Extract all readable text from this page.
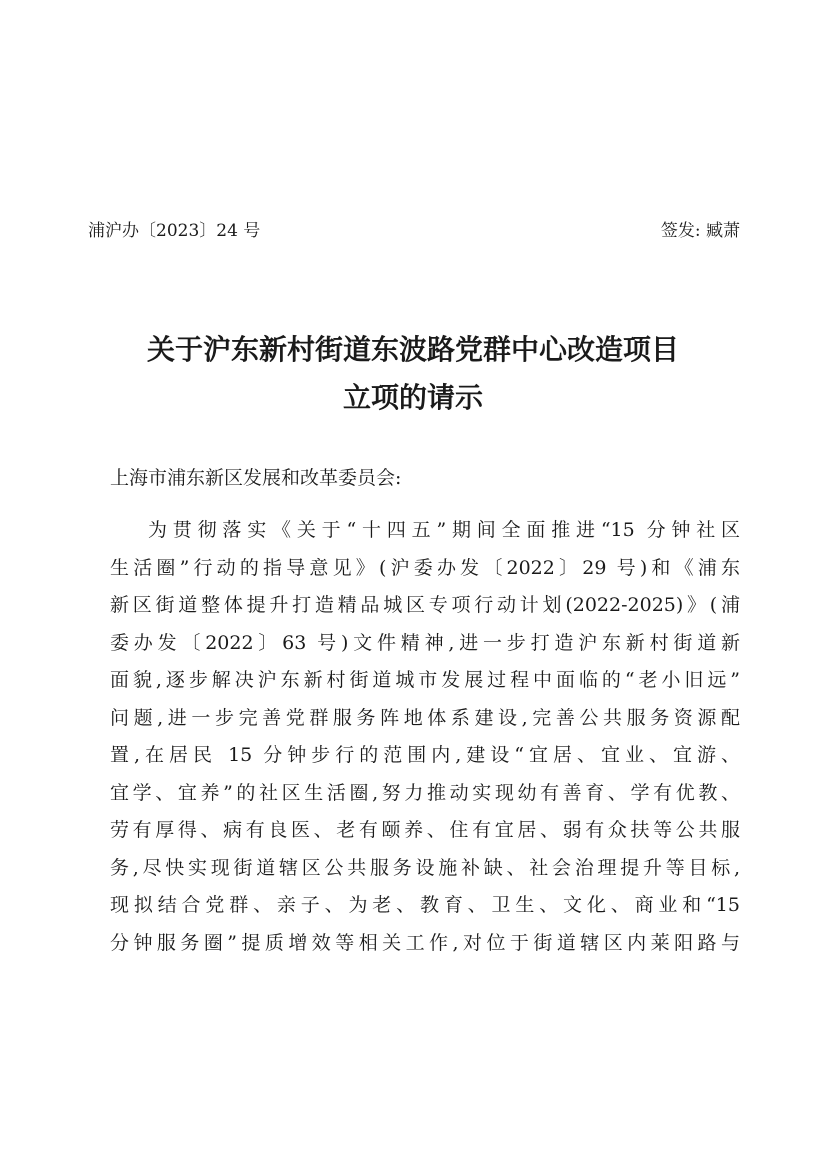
浦沪办〔2023〕24 号	签发: 臧萧
关于沪东新村街道东波路党群中心改造项目
立项的请示
上海市浦东新区发展和改革委员会:
为贯彻落实《关于“十四五”期间全面推进“15 分钟社区
生活圈”行动的指导意见》(沪委办发〔2022〕29 号)和《浦东
新区街道整体提升打造精品城区专项行动计划(2022-2025)》(浦
委办发〔2022〕63 号)文件精神,进一步打造沪东新村街道新
面貌,逐步解决沪东新村街道城市发展过程中面临的“老小旧远”
问题,进一步完善党群服务阵地体系建设,完善公共服务资源配
置,在居民 15 分钟步行的范围内,建设“宜居、宜业、宜游、
宜学、宜养”的社区生活圈,努力推动实现幼有善育、学有优教、
劳有厚得、病有良医、老有颐养、住有宜居、弱有众扶等公共服
务,尽快实现街道辖区公共服务设施补缺、社会治理提升等目标,
现拟结合党群、亲子、为老、教育、卫生、文化、商业和“15
分钟服务圈”提质增效等相关工作,对位于街道辖区内莱阳路与
